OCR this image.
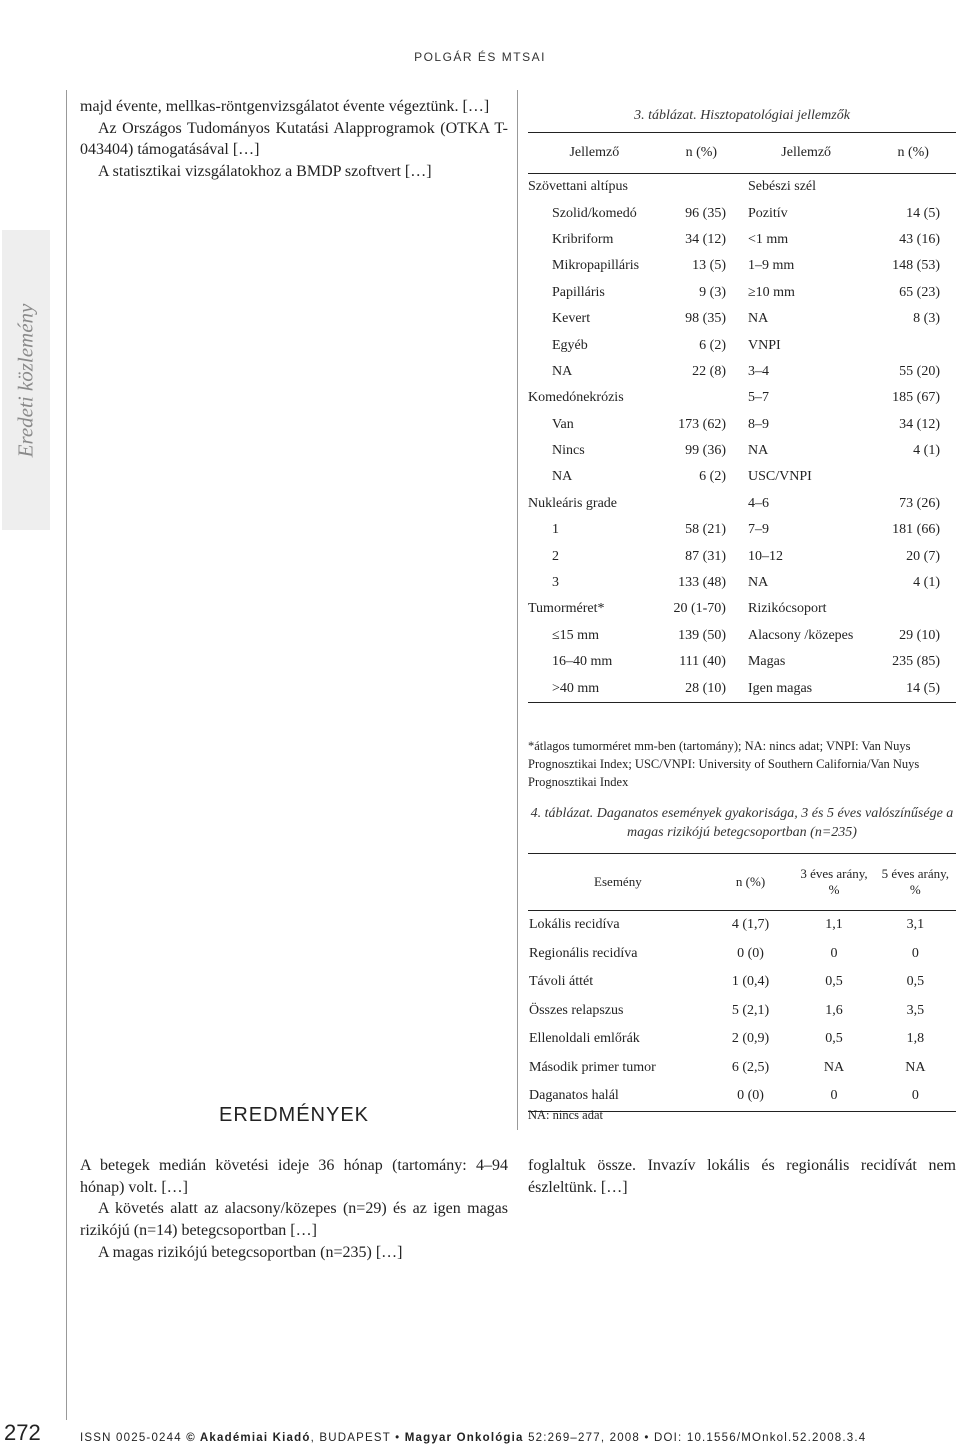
POLGÁR ÉS MTSAI
Eredeti közlemény

majd évente, mellkas-röntgenvizsgálatot évente végeztünk. […]

Az Országos Tudományos Kutatási Alapprogramok (OTKA T-043404) támogatásával […]

A statisztikai vizsgálatokhoz a BMDP szoftvert […]

EREDMÉNYEK

A betegek medián követési ideje 36 hónap (tartomány: 4–94 hónap) volt. […]

A követés alatt az alacsony/közepes (n=29) és az igen magas rizikójú (n=14) betegcsoportban […]

A magas rizikójú betegcsoportban (n=235) […]

foglaltuk össze. Invazív lokális és regionális recidívát nem észleltünk. […]

3. táblázat. Hisztopatológiai jellemzők
Jellemző	n (%)	Jellemző	n (%)
Szövettani altípus		Sebészi szél	
Szolid/komedó	96 (35)	Pozitív	14 (5)
Kribriform	34 (12)	<1 mm	43 (16)
Mikropapilláris	13 (5)	1–9 mm	148 (53)
Papilláris	9 (3)	≥10 mm	65 (23)
Kevert	98 (35)	NA	8 (3)
Egyéb	6 (2)	VNPI	
NA	22 (8)	3–4	55 (20)
Komedónekrózis		5–7	185 (67)
Van	173 (62)	8–9	34 (12)
Nincs	99 (36)	NA	4 (1)
NA	6 (2)	USC/VNPI	
Nukleáris grade		4–6	73 (26)
1	58 (21)	7–9	181 (66)
2	87 (31)	10–12	20 (7)
3	133 (48)	NA	4 (1)
Tumorméret*	20 (1-70)	Rizikócsoport	
≤15 mm	139 (50)	Alacsony /közepes	29 (10)
16–40 mm	111 (40)	Magas	235 (85)
>40 mm	28 (10)	Igen magas	14 (5)
*átlagos tumorméret mm-ben (tartomány); NA: nincs adat; VNPI: Van Nuys Prognosztikai Index; USC/VNPI: University of Southern California/Van Nuys Prognosztikai Index
4. táblázat. Daganatos események gyakorisága, 3 és 5 éves valószínűsége a magas rizikójú betegcsoportban (n=235)
Esemény	n (%)	3 éves arány, %	5 éves arány, %
Lokális recidíva	4 (1,7)	1,1	3,1
Regionális recidíva	0 (0)	0	0
Távoli áttét	1 (0,4)	0,5	0,5
Összes relapszus	5 (2,1)	1,6	3,5
Ellenoldali emlőrák	2 (0,9)	0,5	1,8
Második primer tumor	6 (2,5)	NA	NA
Daganatos halál	0 (0)	0	0
NA: nincs adat
272	ISSN 0025-0244 © Akadémiai Kiadó, BUDAPEST • Magyar Onkológia 52:269–277, 2008 • DOI: 10.1556/MOnkol.52.2008.3.4
